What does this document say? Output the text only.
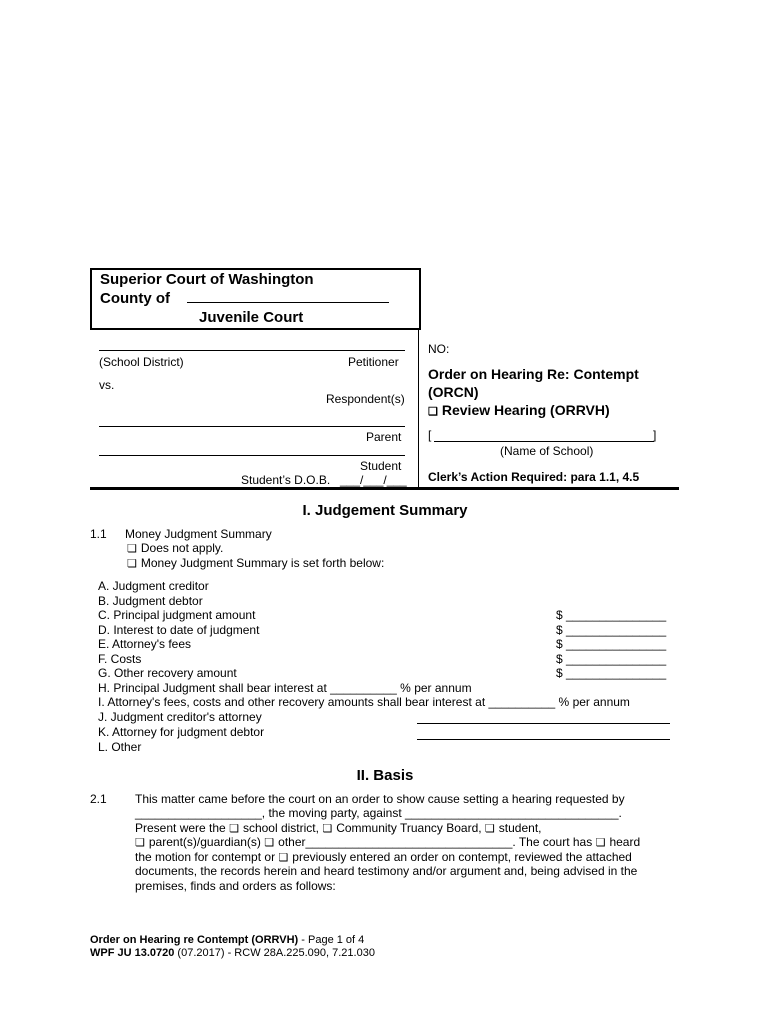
Superior Court of Washington
County of
Juvenile Court
(School District)	Petitioner
vs.
Respondent(s)
Parent
Student
Student’s D.O.B. ___/___/___
NO:
Order on Hearing Re: Contempt
(ORCN)
❏ Review Hearing (ORRVH)
[	]
(Name of School)
Clerk’s Action Required: para 1.1, 4.5
I. Judgement Summary
1.1 Money Judgment Summary
❏ Does not apply.
❏ Money Judgment Summary is set forth below:
A. Judgment creditor
B. Judgment debtor
C. Principal judgment amount	$ _______________
D. Interest to date of judgment	$ _______________
E. Attorney's fees	$ _______________
F. Costs	$ _______________
G. Other recovery amount	$ _______________
H. Principal Judgment shall bear interest at __________ % per annum
I. Attorney's fees, costs and other recovery amounts shall bear interest at __________ % per annum
J. Judgment creditor's attorney
K. Attorney for judgment debtor
L. Other
II. Basis
2.1 This matter came before the court on an order to show cause setting a hearing requested by
___________________, the moving party, against ________________________________.
Present were the ❏ school district, ❏ Community Truancy Board, ❏ student,
❏ parent(s)/guardian(s) ❏ other_______________________________. The court has ❏ heard
the motion for contempt or ❏ previously entered an order on contempt, reviewed the attached
documents, the records herein and heard testimony and/or argument and, being advised in the
premises, finds and orders as follows:
Order on Hearing re Contempt (ORRVH) - Page 1 of 4
WPF JU 13.0720 (07.2017) - RCW 28A.225.090, 7.21.030
